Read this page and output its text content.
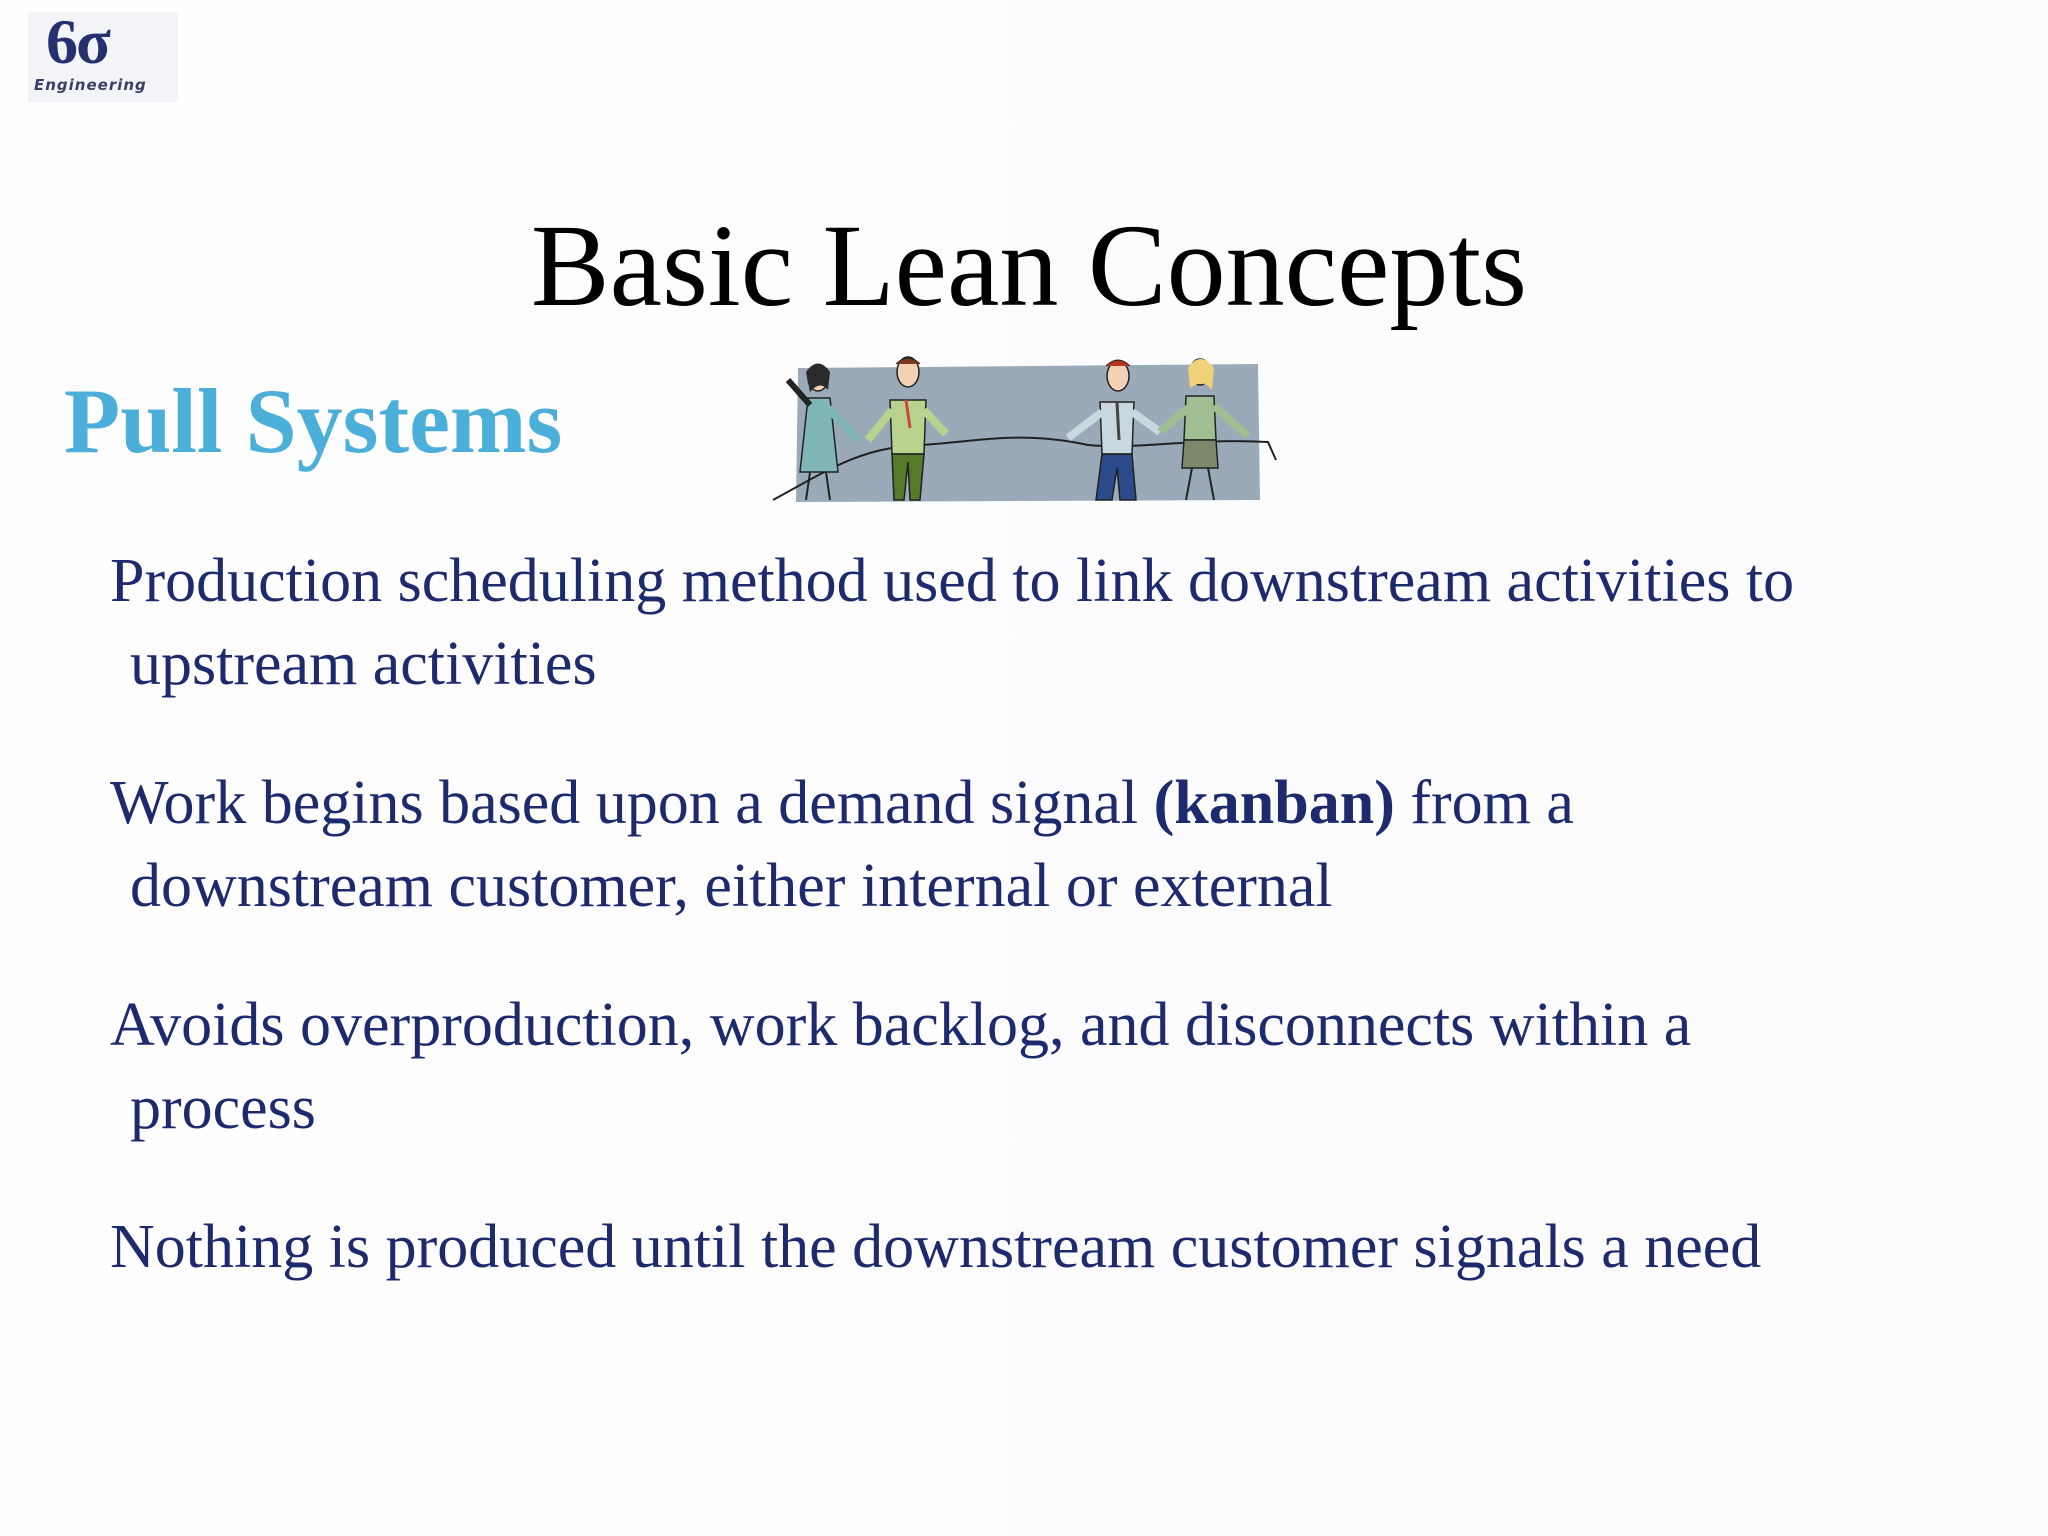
6σ
Engineering
Basic Lean Concepts
Pull Systems

Production scheduling method used to link downstream activities to
upstream activities

Work begins based upon a demand signal (kanban) from a
downstream customer, either internal or external

Avoids overproduction, work backlog, and disconnects within a
process

Nothing is produced until the downstream customer signals a need
